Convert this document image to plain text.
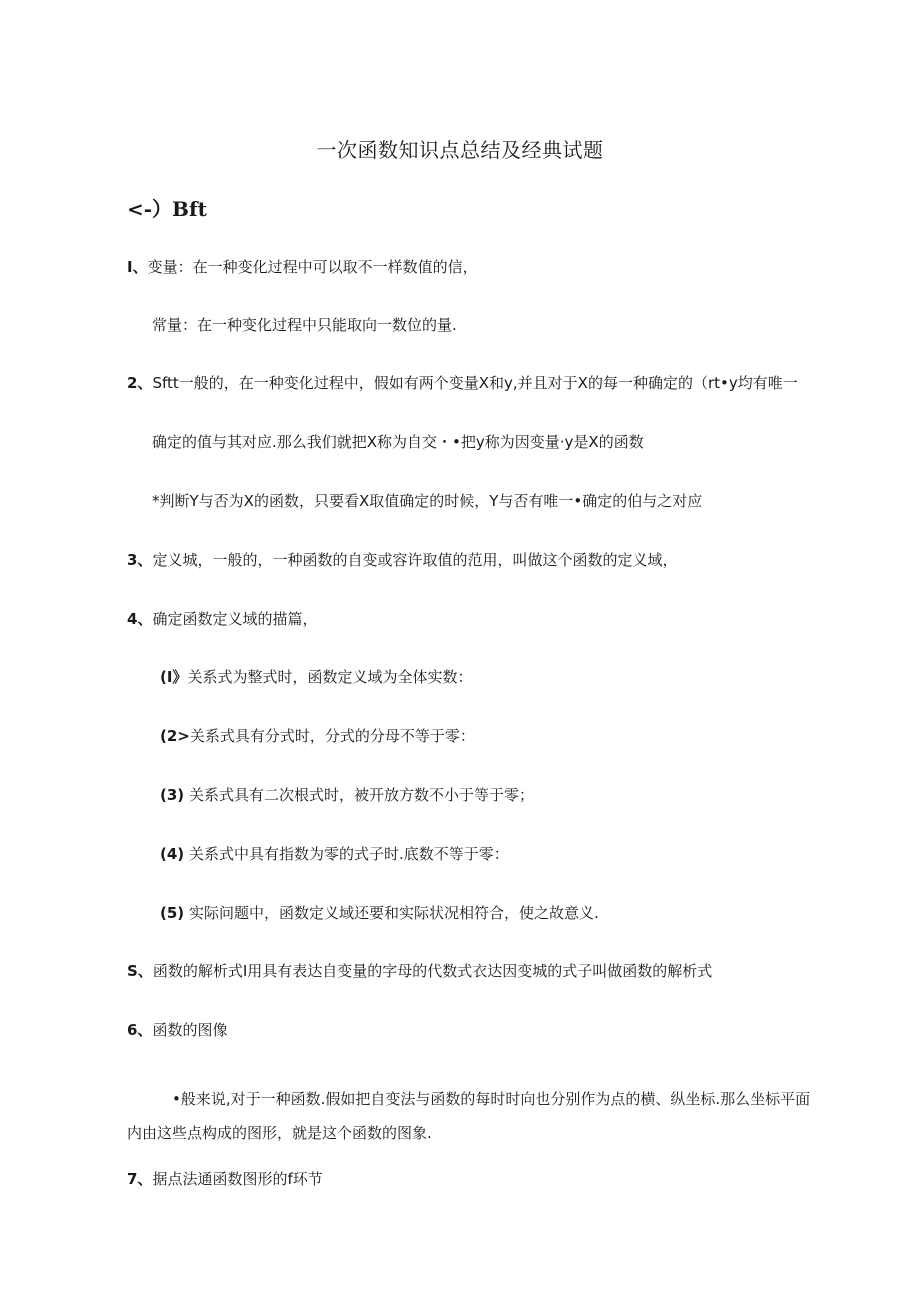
一次函数知识点总结及经典试题
<-）Bft

I、变量：在一种变化过程中可以取不一样数值的信，

常量：在一种变化过程中只能取向一数位的量.

2、Sftt一般的，在一种变化过程中，假如有两个变量X和y,并且对于X的每一种确定的（rt•y均有唯一

确定的值与其对应.那么我们就把X称为自交・•把y称为因变量·y是X的函数

*判断Y与否为X的函数，只要看X取值确定的时候，Y与否有唯一•确定的伯与之对应

3、定义城，一般的，一种函数的自变或容许取值的范用，叫做这个函数的定义域，

4、确定函数定义域的描篇，

(I》关系式为整式时，函数定义域为全体实数：

(2>关系式具有分式时，分式的分母不等于零：

(3) 关系式具有二次根式时，被开放方数不小于等于零；

(4) 关系式中具有指数为零的式子时.底数不等于零：

(5) 实际问题中，函数定义域还要和实际状况相符合，使之故意义.

S、函数的解析式I用具有表达自变量的字母的代数式衣达因变城的式子叫做函数的解析式

6、函数的图像

•般来说,对于一种函数.假如把自变法与函数的每时时向也分别作为点的横、纵坐标.那么坐标平面内由这些点构成的图形，就是这个函数的图象.

7、据点法通函数图形的f环节
